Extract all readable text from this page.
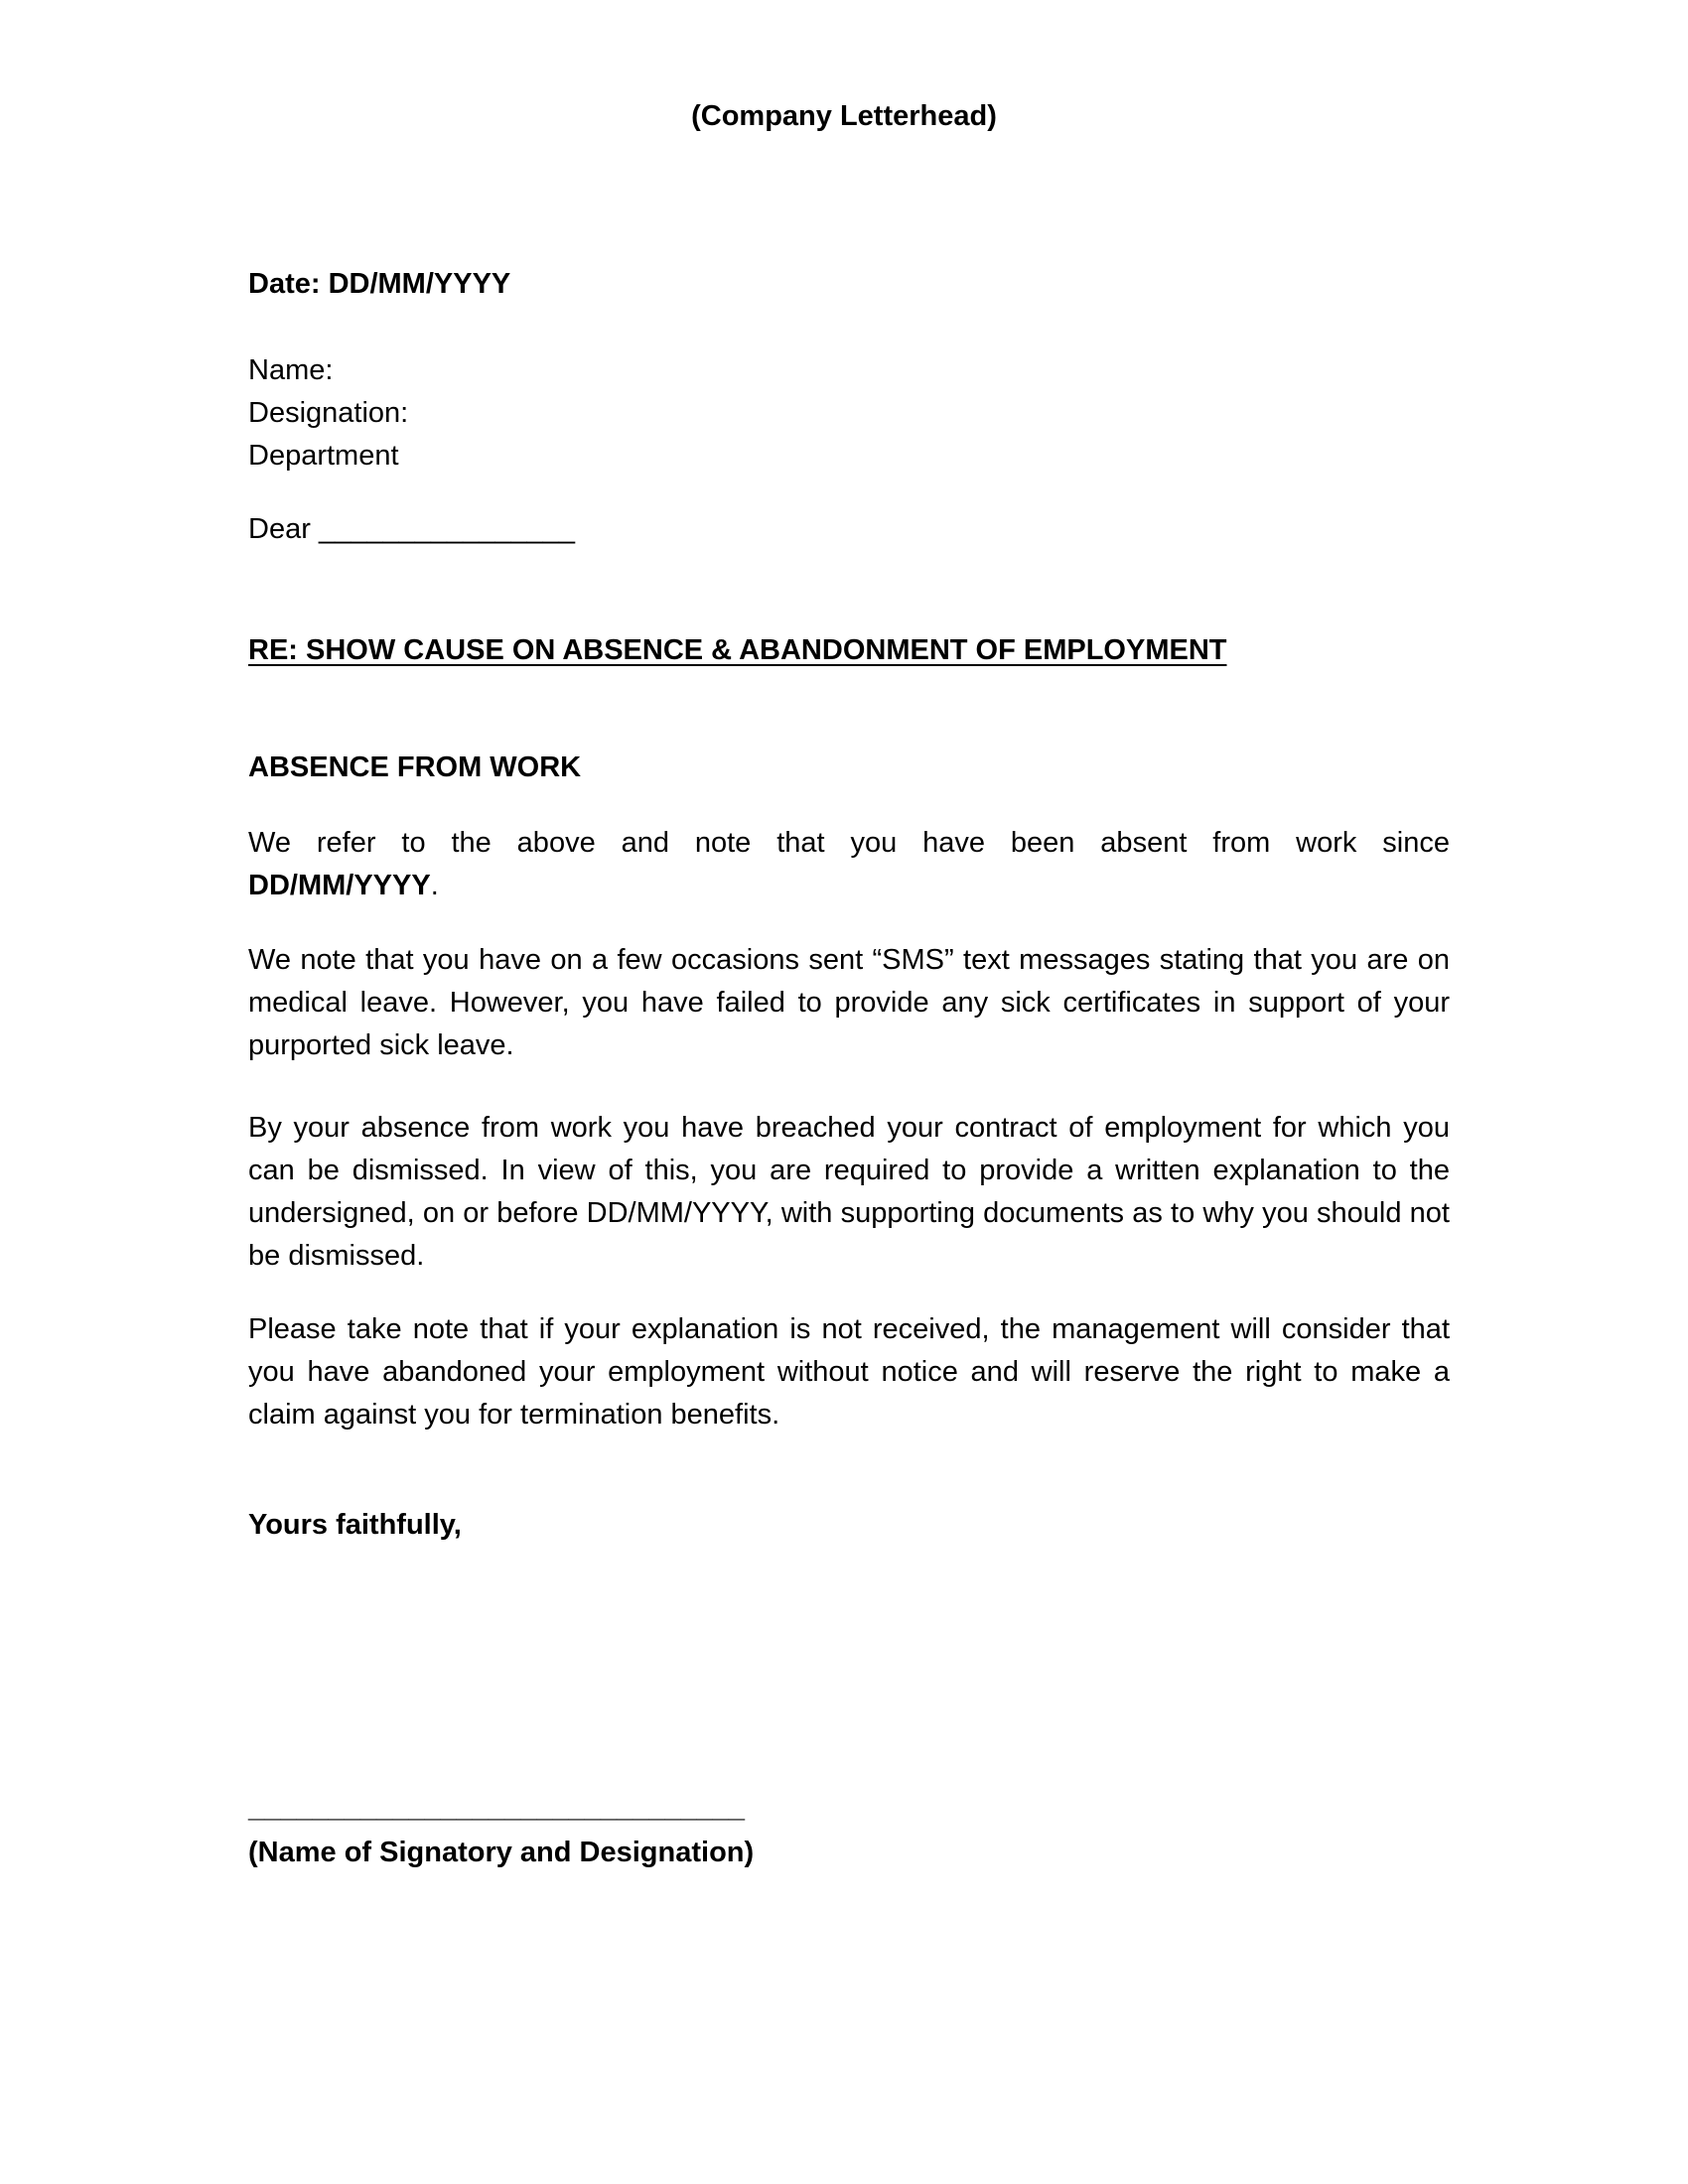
(Company Letterhead)
Date: DD/MM/YYYY
Name:
Designation:
Department
Dear ________________
RE: SHOW CAUSE ON ABSENCE & ABANDONMENT OF EMPLOYMENT
ABSENCE FROM WORK
We refer to the above and note that you have been absent from work since
DD/MM/YYYY.
We note that you have on a few occasions sent “SMS” text messages stating that you are on medical leave. However, you have failed to provide any sick certificates in support of your purported sick leave.
By your absence from work you have breached your contract of employment for which you can be dismissed. In view of this, you are required to provide a written explanation to the undersigned, on or before DD/MM/YYYY, with supporting documents as to why you should not be dismissed.
Please take note that if your explanation is not received, the management will consider that you have abandoned your employment without notice and will reserve the right to make a claim against you for termination benefits.
Yours faithfully,
_______________________________
(Name of Signatory and Designation)
